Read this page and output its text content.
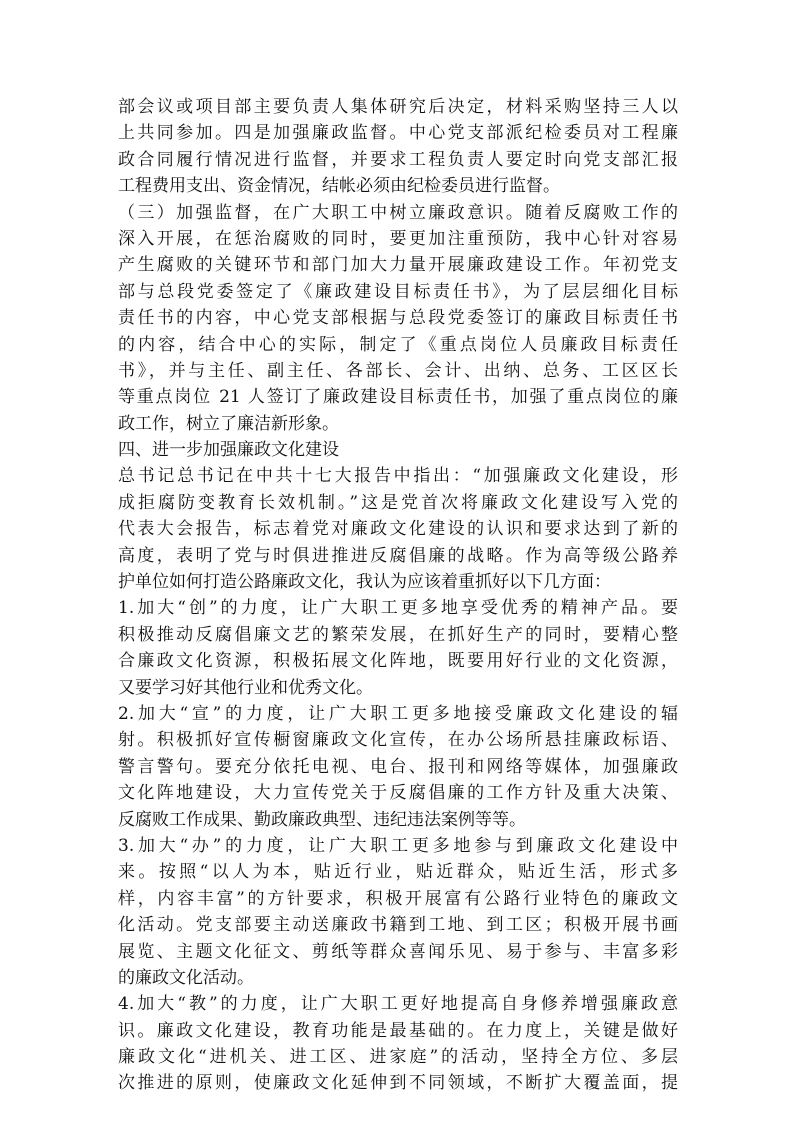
部会议或项目部主要负责人集体研究后决定，材料采购坚持三人以
上共同参加。四是加强廉政监督。中心党支部派纪检委员对工程廉
政合同履行情况进行监督，并要求工程负责人要定时向党支部汇报
工程费用支出、资金情况，结帐必须由纪检委员进行监督。
（三）加强监督，在广大职工中树立廉政意识。随着反腐败工作的
深入开展，在惩治腐败的同时，要更加注重预防，我中心针对容易
产生腐败的关键环节和部门加大力量开展廉政建设工作。年初党支
部与总段党委签定了《廉政建设目标责任书》，为了层层细化目标
责任书的内容，中心党支部根据与总段党委签订的廉政目标责任书
的内容，结合中心的实际，制定了《重点岗位人员廉政目标责任
书》，并与主任、副主任、各部长、会计、出纳、总务、工区区长
等重点岗位 21 人签订了廉政建设目标责任书，加强了重点岗位的廉
政工作，树立了廉洁新形象。
四、进一步加强廉政文化建设
总书记总书记在中共十七大报告中指出：“加强廉政文化建设，形
成拒腐防变教育长效机制。”这是党首次将廉政文化建设写入党的
代表大会报告，标志着党对廉政文化建设的认识和要求达到了新的
高度，表明了党与时俱进推进反腐倡廉的战略。作为高等级公路养
护单位如何打造公路廉政文化，我认为应该着重抓好以下几方面：
1.加大“创”的力度，让广大职工更多地享受优秀的精神产品。要
积极推动反腐倡廉文艺的繁荣发展，在抓好生产的同时，要精心整
合廉政文化资源，积极拓展文化阵地，既要用好行业的文化资源，
又要学习好其他行业和优秀文化。
2.加大“宣”的力度，让广大职工更多地接受廉政文化建设的辐
射。积极抓好宣传橱窗廉政文化宣传，在办公场所悬挂廉政标语、
警言警句。要充分依托电视、电台、报刊和网络等媒体，加强廉政
文化阵地建设，大力宣传党关于反腐倡廉的工作方针及重大决策、
反腐败工作成果、勤政廉政典型、违纪违法案例等等。
3.加大“办”的力度，让广大职工更多地参与到廉政文化建设中
来。按照“以人为本，贴近行业，贴近群众，贴近生活，形式多
样，内容丰富”的方针要求，积极开展富有公路行业特色的廉政文
化活动。党支部要主动送廉政书籍到工地、到工区；积极开展书画
展览、主题文化征文、剪纸等群众喜闻乐见、易于参与、丰富多彩
的廉政文化活动。
4.加大“教”的力度，让广大职工更好地提高自身修养增强廉政意
识。廉政文化建设，教育功能是最基础的。在力度上，关键是做好
廉政文化“进机关、进工区、进家庭”的活动，坚持全方位、多层
次推进的原则，使廉政文化延伸到不同领域，不断扩大覆盖面，提
